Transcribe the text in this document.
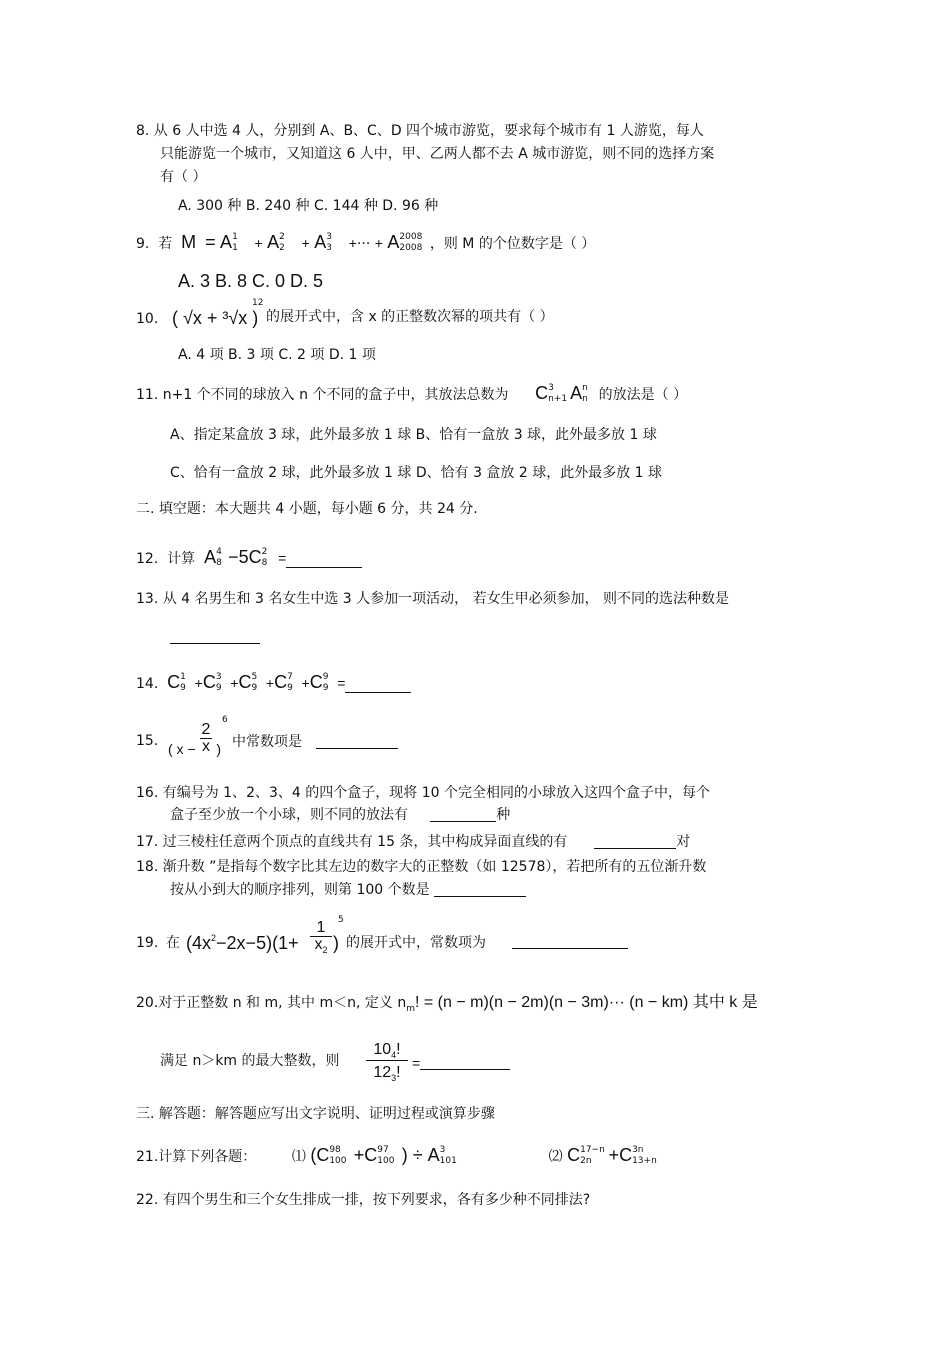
8. 从 6 人中选 4 人，分别到 A、B、C、D 四个城市游览，要求每个城市有 1 人游览，每人
只能游览一个城市，又知道这 6 人中，甲、乙两人都不去 A 城市游览，则不同的选择方案
有（ ）
A. 300 种 B. 240 种 C. 144 种 D. 96 种
9. 若 M = A 1
1 + A 2
2 + A 3
3 +··· + A 2008
2008 ，则 M 的个位数字是（ ）
A. 3 B. 8 C. 0 D. 5
10. ( √x + ³√x )
12
的展开式中，含 x 的正整数次幂的项共有（ ）
A. 4 项 B. 3 项 C. 2 项 D. 1 项
11. n+1 个不同的球放入 n 个不同的盒子中，其放法总数为 C 3
n+1 A n
n 的放法是（ ）
A、指定某盒放 3 球，此外最多放 1 球 B、恰有一盒放 3 球，此外最多放 1 球
C、恰有一盒放 2 球，此外最多放 1 球 D、恰有 3 盒放 2 球，此外最多放 1 球
二. 填空题：本大题共 4 小题，每小题 6 分，共 24 分.
12. 计算 A 4
8 −5C 2
8 =
13. 从 4 名男生和 3 名女生中选 3 人参加一项活动， 若女生甲必须参加， 则不同的选法种数是
14. C 1
9 +C 3
9 +C 5
9 +C 7
9 +C 9
9 =
15.
( $x - \frac{2}{x}$ )
6
中常数项是
16. 有编号为 1、2、3、4 的四个盒子，现将 10 个完全相同的小球放入这四个盒子中，每个
盒子至少放一个小球，则不同的放法有	种
17. 过三棱柱任意两个顶点的直线共有 15 条，其中构成异面直线的有	对
18. 渐升数 ”是指每个数字比其左边的数字大的正整数（如 12578），若把所有的五位渐升数
按从小到大的顺序排列，则第 100 个数是
19. 在 $(4x^2-2x-5)(1+$
1
$x_2$ )
5
的展开式中，常数项为
20.对于正整数 n 和 m, 其中 m＜n, 定义 $n_m$! = (n − m)(n − 2m)(n − 3m)··· (n − km) 其中 k 是
满足 n＞km 的最大整数，则
$10_4$!
$12_3$!
=
三. 解答题：解答题应写出文字说明、证明过程或演算步骤
21.计算下列各题：	⑴ (C 98
100 +C 97
100 ) ÷ A 3
101	⑵ C 17−n
2n +C 3n
13+n
22. 有四个男生和三个女生排成一排，按下列要求，各有多少种不同排法?
